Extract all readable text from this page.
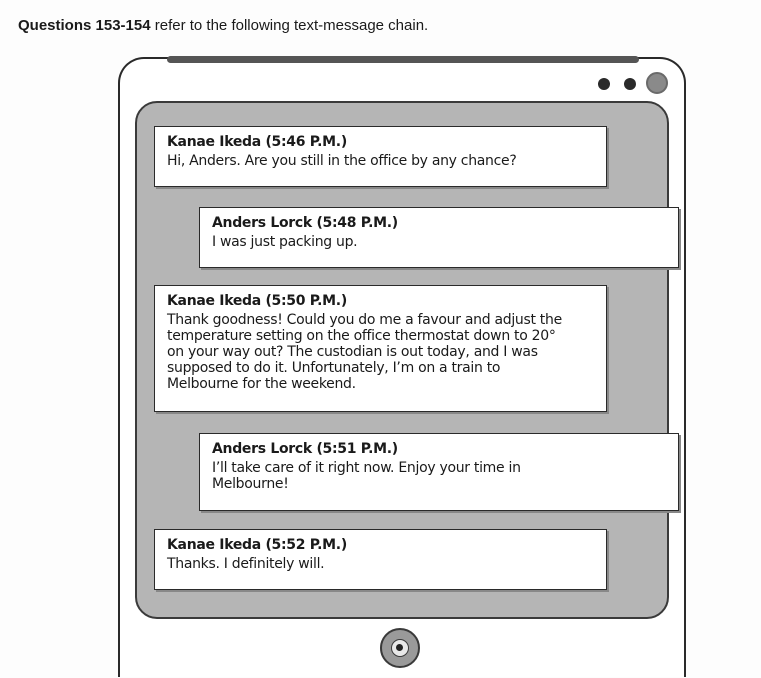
Questions 153-154 refer to the following text-message chain.
Kanae Ikeda (5:46 P.M.)
Hi, Anders. Are you still in the office by any chance?
Anders Lorck (5:48 P.M.)
I was just packing up.
Kanae Ikeda (5:50 P.M.)
Thank goodness! Could you do me a favour and adjust the
temperature setting on the office thermostat down to 20°
on your way out? The custodian is out today, and I was
supposed to do it. Unfortunately, I’m on a train to
Melbourne for the weekend.
Anders Lorck (5:51 P.M.)
I’ll take care of it right now. Enjoy your time in
Melbourne!
Kanae Ikeda (5:52 P.M.)
Thanks. I definitely will.
